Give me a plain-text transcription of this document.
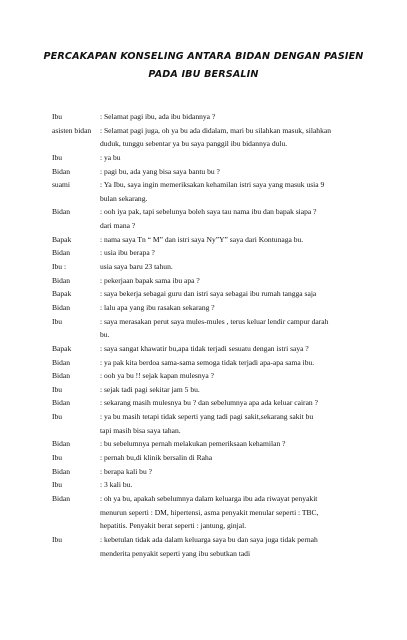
PERCAKAPAN KONSELING ANTARA BIDAN DENGAN PASIEN
PADA IBU BERSALIN
Ibu	: Selamat pagi ibu, ada ibu bidannya ?
asisten bidan : Selamat pagi juga, oh ya bu ada didalam, mari bu silahkan masuk, silahkan
duduk, tunggu sebentar ya bu saya panggil ibu bidannya dulu.
Ibu	: ya bu
Bidan	: pagi bu, ada yang bisa saya bantu bu ?
suami	: Ya Ibu, saya ingin memeriksakan kehamilan istri saya yang masuk usia 9
bulan sekarang.
Bidan	: ooh iya pak, tapi sebelunya boleh saya tau nama ibu dan bapak siapa ?
dari mana ?
Bapak	: nama saya Tn “ M” dan istri saya Ny”Y” saya dari Kontunaga bu.
Bidan	: usia ibu berapa ?
Ibu :	usia saya baru 23 tahun.
Bidan	: pekerjaan bapak sama ibu apa ?
Bapak	: saya bekerja sebagai guru dan istri saya sebagai ibu rumah tangga saja
Bidan	: lalu apa yang ibu rasakan sekarang ?
Ibu	: saya merasakan perut saya mules-mules , terus keluar lendir campur darah
bu.
Bapak	: saya sangat khawatir bu,apa tidak terjadi sesuatu dengan istri saya ?
Bidan	: ya pak kita berdoa sama-sama semoga tidak terjadi apa-apa sama ibu.
Bidan	: ooh ya bu !! sejak kapan mulesnya ?
Ibu	: sejak tadi pagi sekitar jam 5 bu.
Bidan	: sekarang masih mulesnya bu ? dan sebelumnya apa ada keluar cairan ?
Ibu	: ya bu masih tetapi tidak seperti yang tadi pagi sakit,sekarang sakit bu
tapi masih bisa saya tahan.
Bidan	: bu sebelumnya pernah melakukan pemeriksaan kehamilan ?
Ibu	: pernah bu,di klinik bersalin di Raha
Bidan	: berapa kali bu ?
Ibu	: 3 kali bu.
Bidan	: oh ya bu, apakah sebelumnya dalam keluarga ibu ada riwayat penyakit
menurun seperti : DM, hipertensi, asma penyakit menular seperti : TBC,
hepatitis. Penyakit berat seperti : jantung, ginjal.
Ibu	: kebetulan tidak ada dalam keluarga saya bu dan saya juga tidak pernah
menderita penyakit seperti yang ibu sebutkan tadi
